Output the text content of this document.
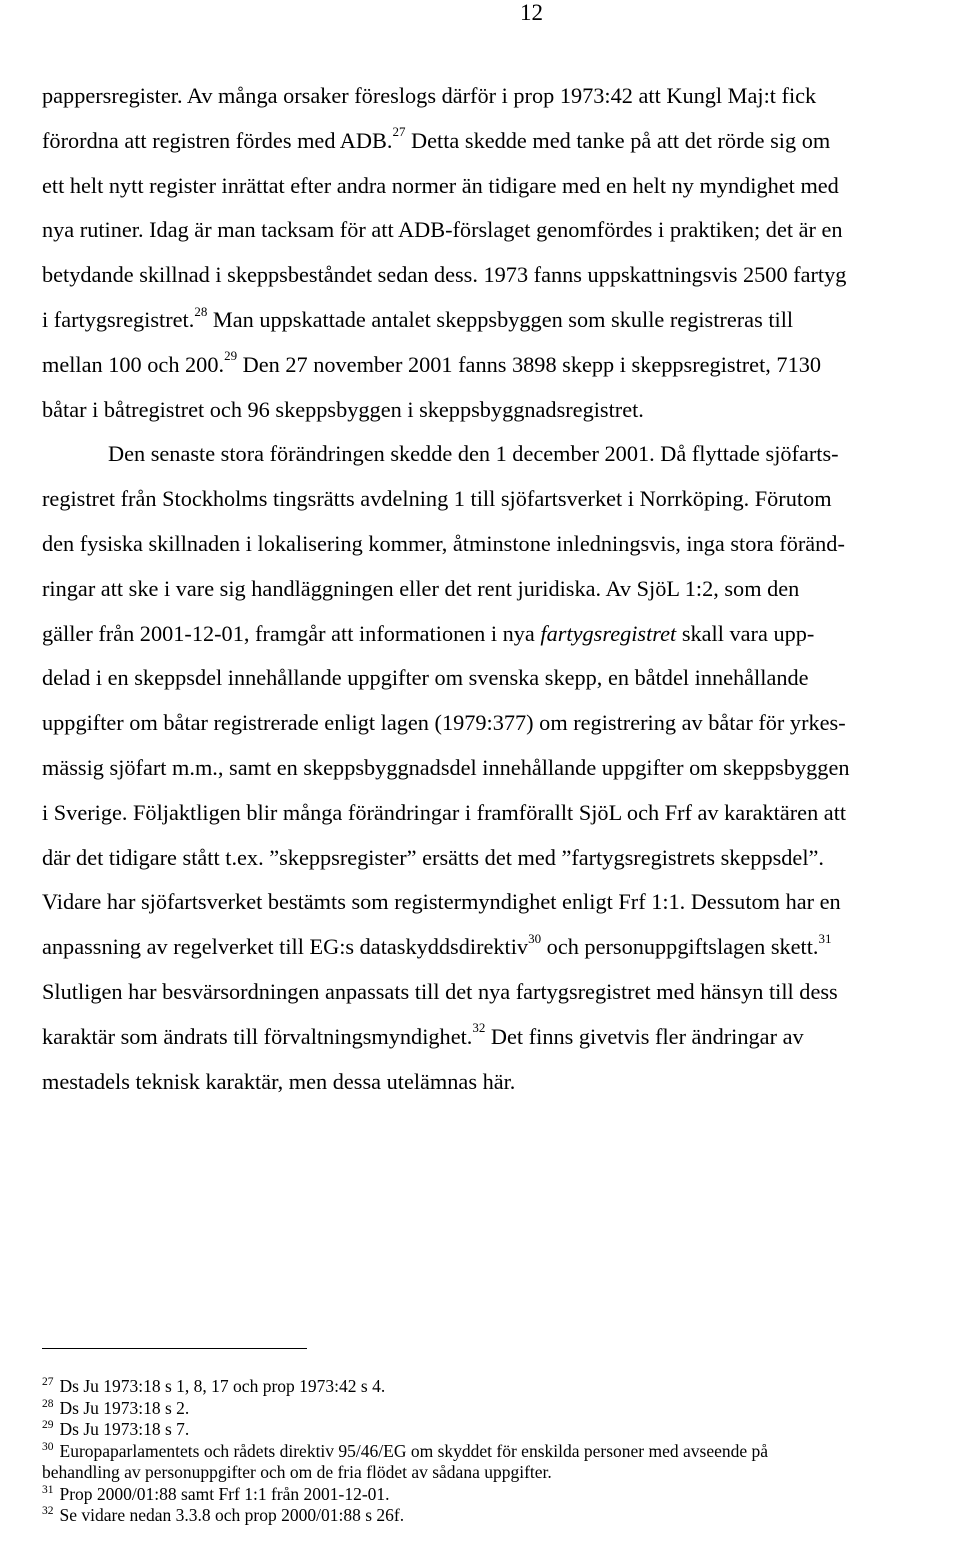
12
pappersregister. Av många orsaker föreslogs därför i prop 1973:42 att Kungl Maj:t fick
förordna att registren fördes med ADB.$^{27}$ Detta skedde med tanke på att det rörde sig om
ett helt nytt register inrättat efter andra normer än tidigare med en helt ny myndighet med
nya rutiner. Idag är man tacksam för att ADB-förslaget genomfördes i praktiken; det är en
betydande skillnad i skeppsbeståndet sedan dess. 1973 fanns uppskattningsvis 2500 fartyg
i fartygsregistret.$^{28}$ Man uppskattade antalet skeppsbyggen som skulle registreras till
mellan 100 och 200.29 Den 27 november 2001 fanns 3898 skepp i skeppsregistret, 7130
båtar i båtregistret och 96 skeppsbyggen i skeppsbyggnadsregistret.
Den senaste stora förändringen skedde den 1 december 2001. Då flyttade sjöfarts-
registret från Stockholms tingsrätts avdelning 1 till sjöfartsverket i Norrköping. Förutom
den fysiska skillnaden i lokalisering kommer, åtminstone inledningsvis, inga stora föränd-
ringar att ske i vare sig handläggningen eller det rent juridiska. Av SjöL 1:2, som den
gäller från 2001-12-01, framgår att informationen i nya fartygsregistret skall vara upp-
delad i en skeppsdel innehållande uppgifter om svenska skepp, en båtdel innehållande
uppgifter om båtar registrerade enligt lagen (1979:377) om registrering av båtar för yrkes-
mässig sjöfart m.m., samt en skeppsbyggnadsdel innehållande uppgifter om skeppsbyggen
i Sverige. Följaktligen blir många förändringar i framförallt SjöL och Frf av karaktären att
där det tidigare stått t.ex. ”skeppsregister” ersätts det med ”fartygsregistrets skeppsdel”.
Vidare har sjöfartsverket bestämts som registermyndighet enligt Frf 1:1. Dessutom har en
anpassning av regelverket till EG:s dataskyddsdirektiv$^{30}$ och personuppgiftslagen skett.$^{31}$
Slutligen har besvärsordningen anpassats till det nya fartygsregistret med hänsyn till dess
karaktär som ändrats till förvaltningsmyndighet.$^{32}$ Det finns givetvis fler ändringar av
mestadels teknisk karaktär, men dessa utelämnas här.
$^{27}$ Ds Ju 1973:18 s 1, 8, 17 och prop 1973:42 s 4.
$^{28}$ Ds Ju 1973:18 s 2.
$^{29}$ Ds Ju 1973:18 s 7.
$^{30}$ Europaparlamentets och rådets direktiv 95/46/EG om skyddet för enskilda personer med avseende på
behandling av personuppgifter och om de fria flödet av sådana uppgifter.
$^{31}$ Prop 2000/01:88 samt Frf 1:1 från 2001-12-01.
$^{32}$ Se vidare nedan 3.3.8 och prop 2000/01:88 s 26f.
